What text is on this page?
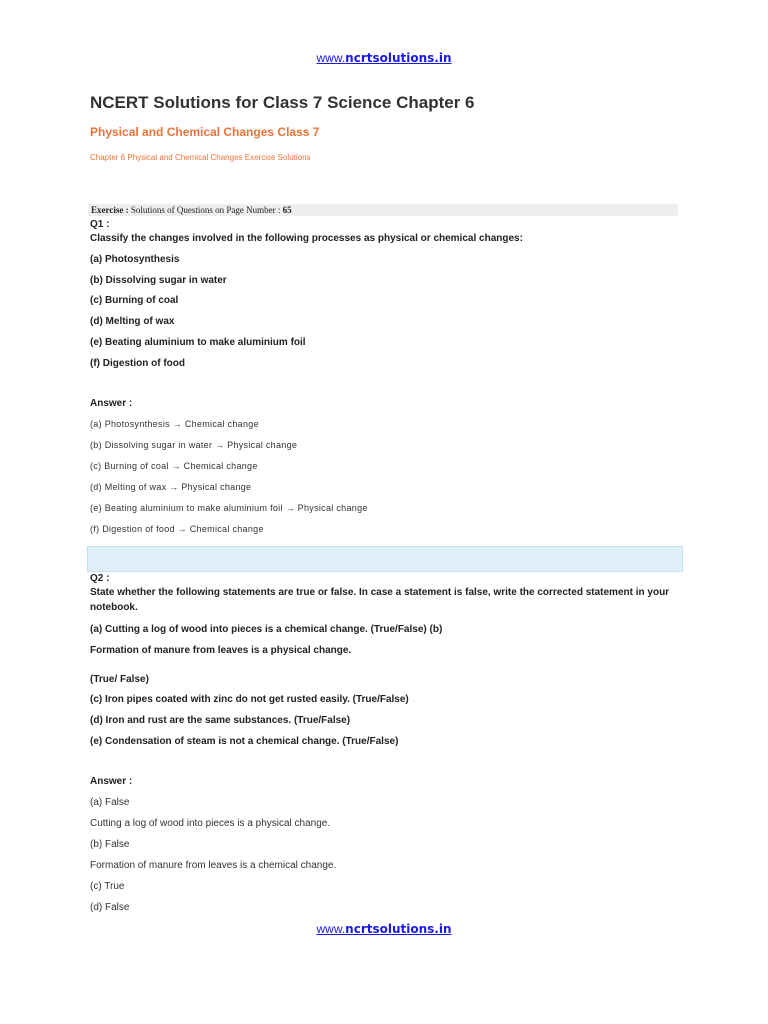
www.ncrtsolutions.in

NCERT Solutions for Class 7 Science Chapter 6
Physical and Chemical Changes Class 7

Chapter 6 Physical and Chemical Changes Exercise Solutions

Exercise : Solutions of Questions on Page Number : 65

Q1 :

Classify the changes involved in the following processes as physical or chemical changes:

(a) Photosynthesis

(b) Dissolving sugar in water

(c) Burning of coal

(d) Melting of wax

(e) Beating aluminium to make aluminium foil

(f) Digestion of food

Answer :

(a) Photosynthesis → Chemical change

(b) Dissolving sugar in water → Physical change

(c) Burning of coal → Chemical change

(d) Melting of wax → Physical change

(e) Beating aluminium to make aluminium foil → Physical change

(f) Digestion of food → Chemical change

Q2 :

State whether the following statements are true or false. In case a statement is false, write the corrected statement in your notebook.

(a) Cutting a log of wood into pieces is a chemical change. (True/False) (b)

Formation of manure from leaves is a physical change.

(True/ False)

(c) Iron pipes coated with zinc do not get rusted easily. (True/False)

(d) Iron and rust are the same substances. (True/False)

(e) Condensation of steam is not a chemical change. (True/False)

Answer :

(a) False

Cutting a log of wood into pieces is a physical change.

(b) False

Formation of manure from leaves is a chemical change.

(c) True

(d) False

www.ncrtsolutions.in
